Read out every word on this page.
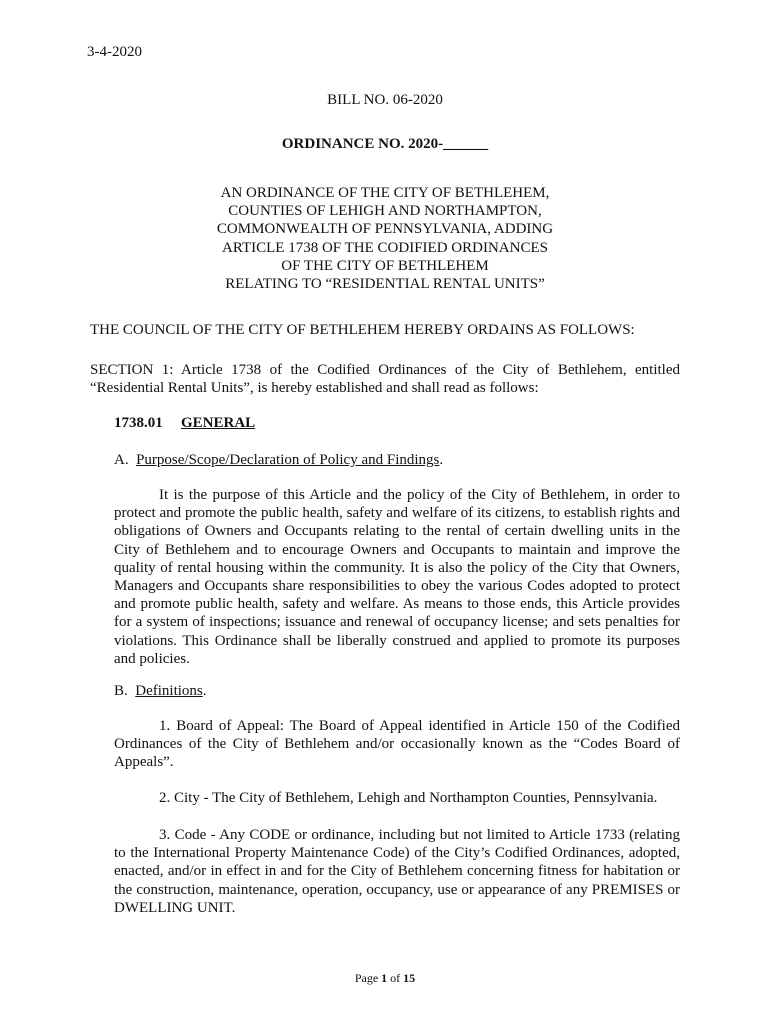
3-4-2020

BILL NO. 06-2020

ORDINANCE NO. 2020-______

AN ORDINANCE OF THE CITY OF BETHLEHEM,
COUNTIES OF LEHIGH AND NORTHAMPTON,
COMMONWEALTH OF PENNSYLVANIA, ADDING
ARTICLE 1738 OF THE CODIFIED ORDINANCES
OF THE CITY OF BETHLEHEM
RELATING TO “RESIDENTIAL RENTAL UNITS”

THE COUNCIL OF THE CITY OF BETHLEHEM HEREBY ORDAINS AS FOLLOWS:

SECTION 1: Article 1738 of the Codified Ordinances of the City of Bethlehem, entitled “Residential Rental Units”, is hereby established and shall read as follows:

1738.01 GENERAL

A. Purpose/Scope/Declaration of Policy and Findings.

It is the purpose of this Article and the policy of the City of Bethlehem, in order to protect and promote the public health, safety and welfare of its citizens, to establish rights and obligations of Owners and Occupants relating to the rental of certain dwelling units in the City of Bethlehem and to encourage Owners and Occupants to maintain and improve the quality of rental housing within the community. It is also the policy of the City that Owners, Managers and Occupants share responsibilities to obey the various Codes adopted to protect and promote public health, safety and welfare. As means to those ends, this Article provides for a system of inspections; issuance and renewal of occupancy license; and sets penalties for violations. This Ordinance shall be liberally construed and applied to promote its purposes and policies.

B. Definitions.

1. Board of Appeal: The Board of Appeal identified in Article 150 of the Codified Ordinances of the City of Bethlehem and/or occasionally known as the “Codes Board of Appeals”.

2. City - The City of Bethlehem, Lehigh and Northampton Counties, Pennsylvania.

3. Code - Any CODE or ordinance, including but not limited to Article 1733 (relating to the International Property Maintenance Code) of the City’s Codified Ordinances, adopted, enacted, and/or in effect in and for the City of Bethlehem concerning fitness for habitation or the construction, maintenance, operation, occupancy, use or appearance of any PREMISES or DWELLING UNIT.

Page 1 of 15
